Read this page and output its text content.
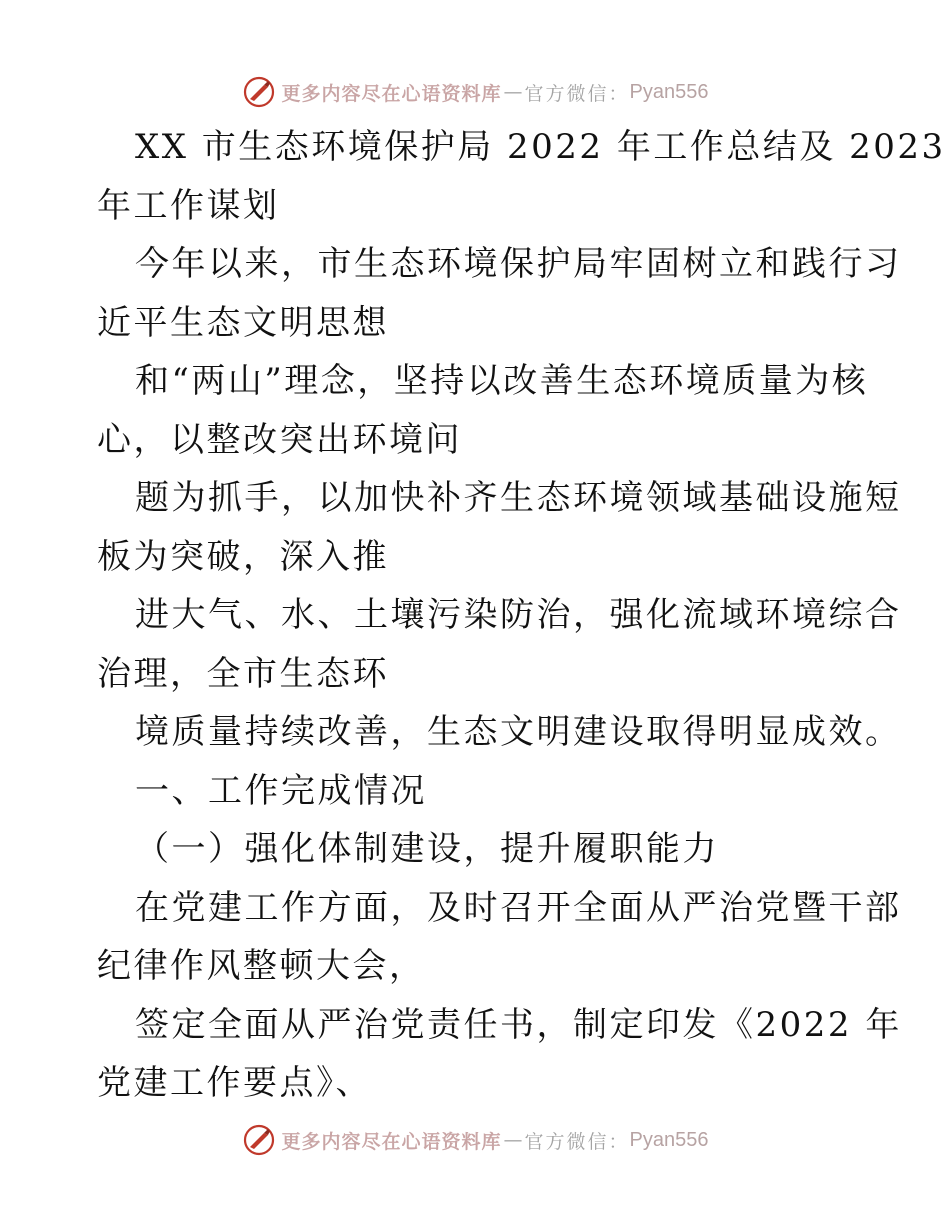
更多内容尽在心语资料库 — 官方微信： Pyan556
XX 市生态环境保护局 2022 年工作总结及 2023
年工作谋划
今年以来，市生态环境保护局牢固树立和践行习
近平生态文明思想
和“两山”理念，坚持以改善生态环境质量为核
心，以整改突出环境问
题为抓手，以加快补齐生态环境领域基础设施短
板为突破，深入推
进大气、水、土壤污染防治，强化流域环境综合
治理，全市生态环
境质量持续改善，生态文明建设取得明显成效。
一、工作完成情况
（一）强化体制建设，提升履职能力
在党建工作方面，及时召开全面从严治党暨干部
纪律作风整顿大会，
签定全面从严治党责任书，制定印发《2022 年
党建工作要点》、
更多内容尽在心语资料库 — 官方微信： Pyan556
